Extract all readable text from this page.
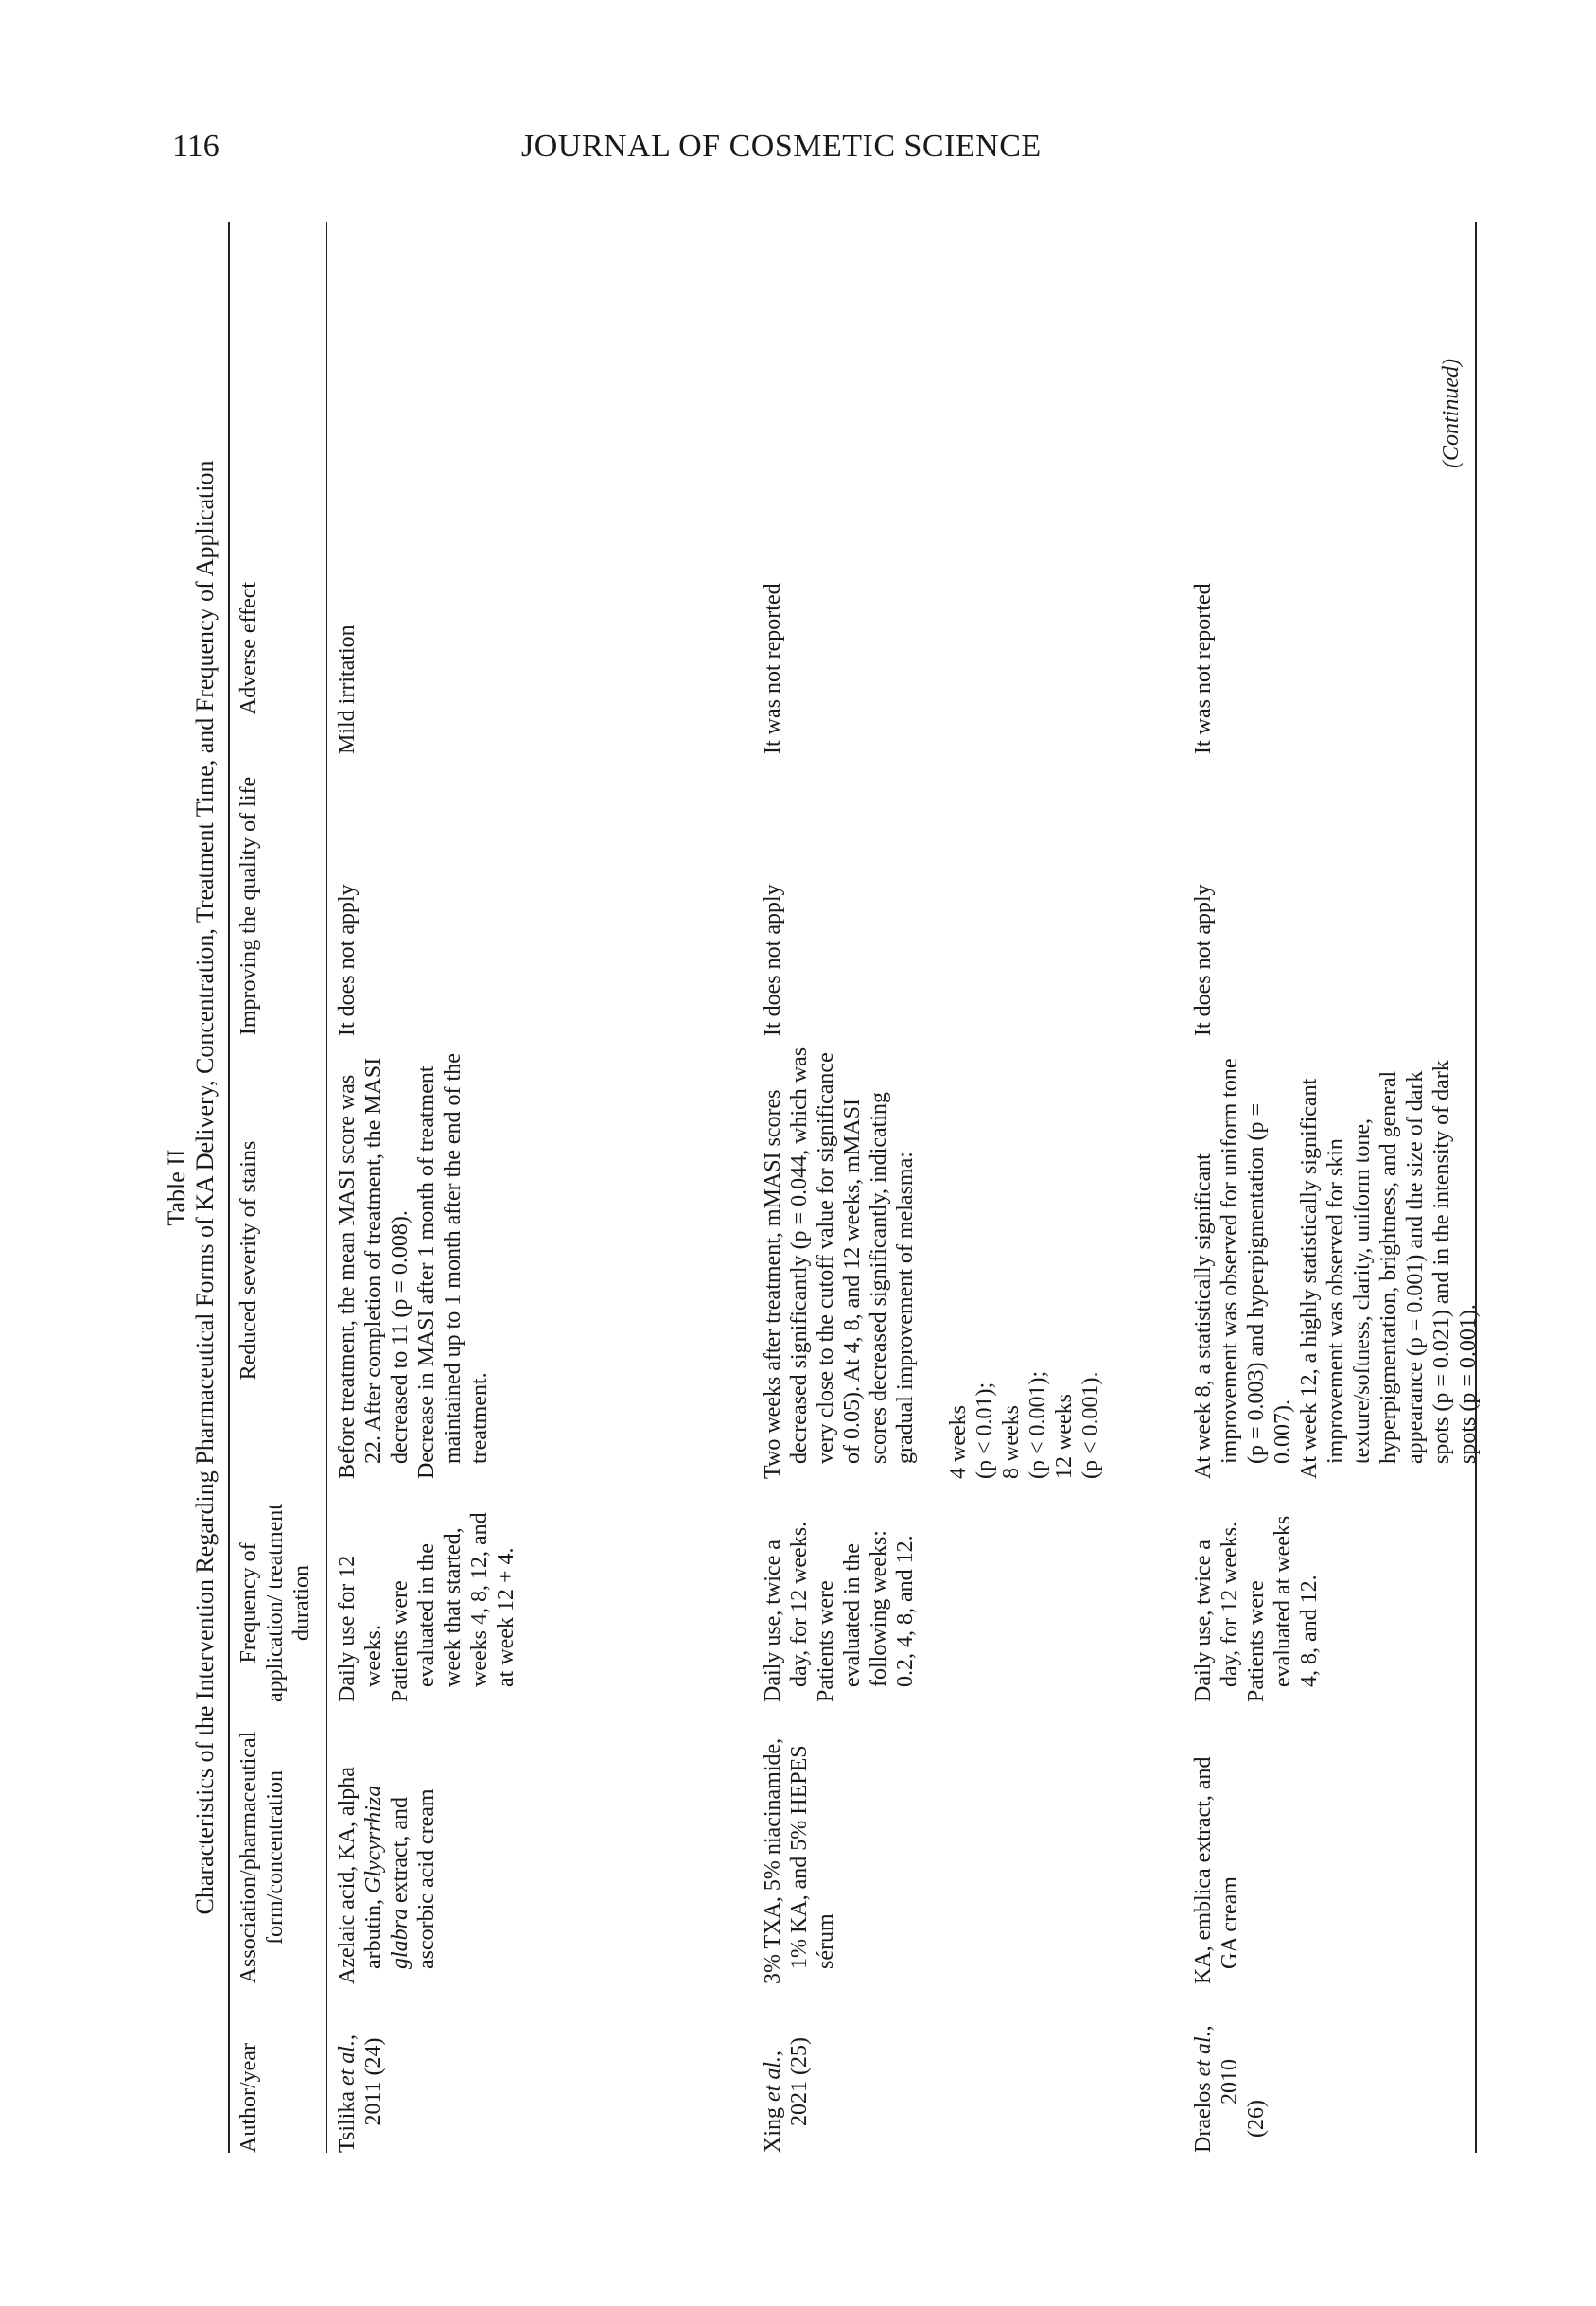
116	JOURNAL OF COSMETIC SCIENCE
Table II Characteristics of the Intervention Regarding Pharmaceutical Forms of KA Delivery, Concentration, Treatment Time, and Frequency of Application
Author/year
Association/pharmaceutical form/concentration
Frequency of application/ treatment duration
Reduced severity of stains
Improving the quality of life
Adverse effect
Tsilika et al.,
2011 (24)

Azelaic acid, KA, alpha arbutin, Glycyrrhiza glabra extract, and ascorbic acid cream

Daily use for 12 weeks. Patients were evaluated in the week that started, weeks 4, 8, 12, and at week 12 + 4.

Before treatment, the mean MASI score was 22. After completion of treatment, the MASI decreased to 11 (p = 0.008). Decrease in MASI after 1 month of treatment maintained up to 1 month after the end of the treatment.

It does not apply
Mild irritation
Xing et al., 2021 (25)

3% TXA, 5% niacinamide, 1% KA, and 5% HEPES sérum

Daily use, twice a day, for 12 weeks. Patients were evaluated in the following weeks: 0.2, 4, 8, and 12.

Two weeks after treatment, mMASI scores decreased significantly (p = 0.044, which was very close to the cutoff value for significance of 0.05). At 4, 8, and 12 weeks, mMASI scores decreased significantly, indicating gradual improvement of melasma: 4 weeks (p < 0.01); 8 weeks (p < 0.001); 12 weeks (p < 0.001).
It does not apply

It was not reported

Draelos et al.,
2010
(26)

KA, emblica extract, and GA cream

Daily use, twice a day, for 12 weeks. Patients were evaluated at weeks 4, 8, and 12.

At week 8, a statistically significant improvement was observed for uniform tone (p = 0.003) and hyperpigmentation (p = 0.007). At week 12, a highly statistically significant improvement was observed for skin texture/softness, clarity, uniform tone, hyperpigmentation, brightness, and general appearance (p = 0.001) and the size of dark spots (p = 0.021) and in the intensity of dark spots (p = 0.001).

It does not apply

It was not reported

(Continued)
